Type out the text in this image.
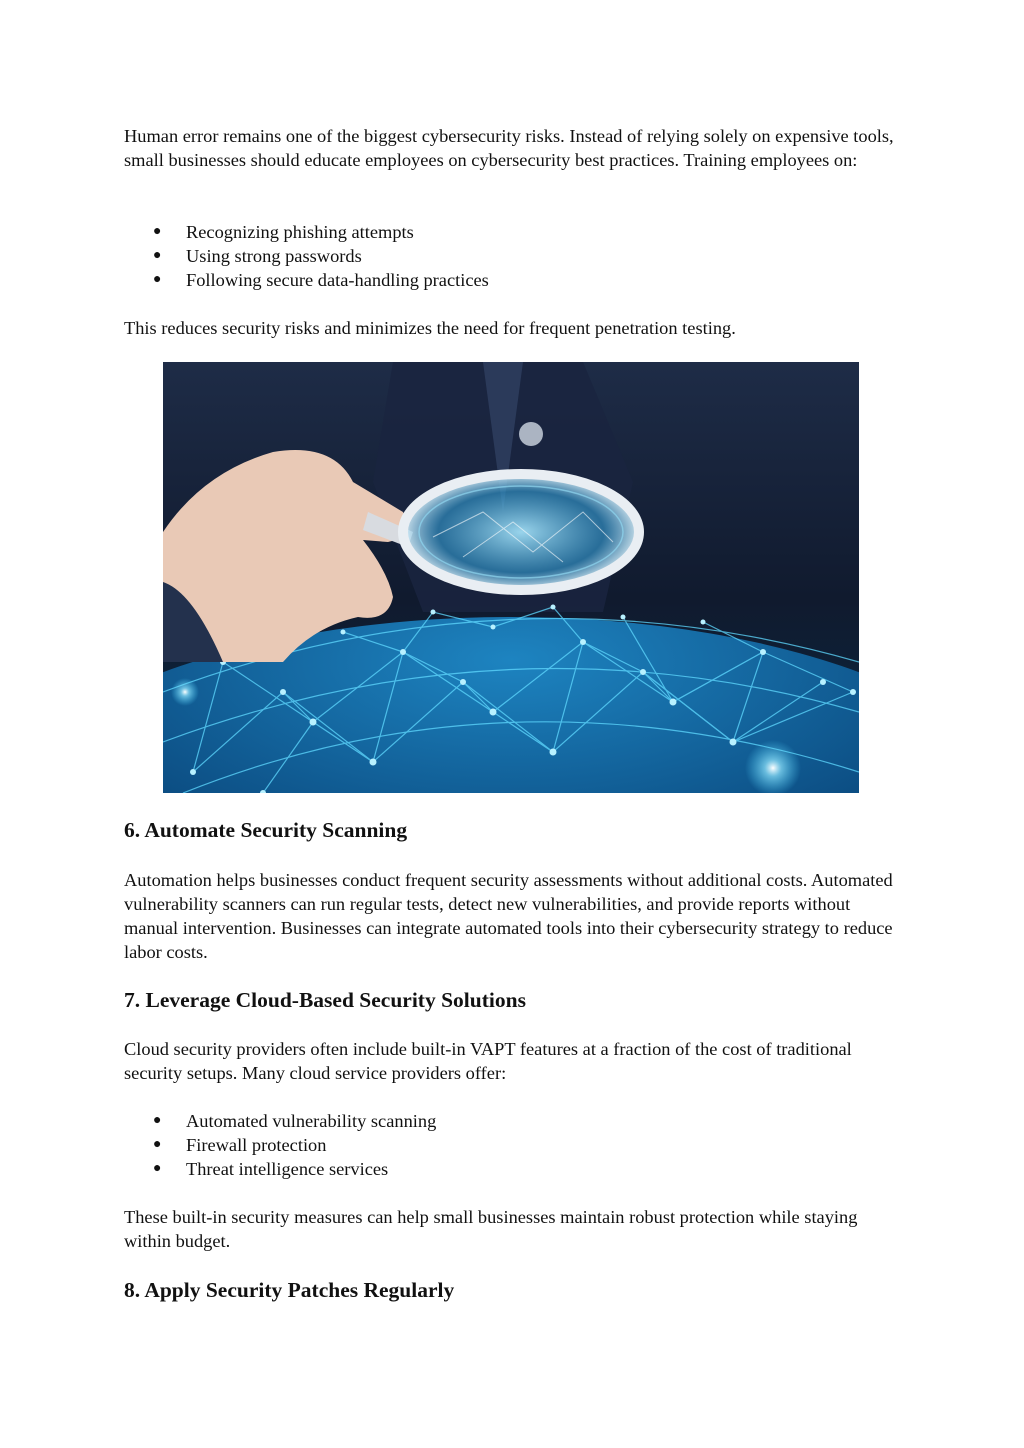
Human error remains one of the biggest cybersecurity risks. Instead of relying solely on expensive tools, small businesses should educate employees on cybersecurity best practices. Training employees on:

● Recognizing phishing attempts
● Using strong passwords
● Following secure data-handling practices

This reduces security risks and minimizes the need for frequent penetration testing.

6. Automate Security Scanning

Automation helps businesses conduct frequent security assessments without additional costs. Automated vulnerability scanners can run regular tests, detect new vulnerabilities, and provide reports without manual intervention. Businesses can integrate automated tools into their cybersecurity strategy to reduce labor costs.

7. Leverage Cloud-Based Security Solutions

Cloud security providers often include built-in VAPT features at a fraction of the cost of traditional security setups. Many cloud service providers offer:

● Automated vulnerability scanning
● Firewall protection
● Threat intelligence services

These built-in security measures can help small businesses maintain robust protection while staying within budget.

8. Apply Security Patches Regularly
